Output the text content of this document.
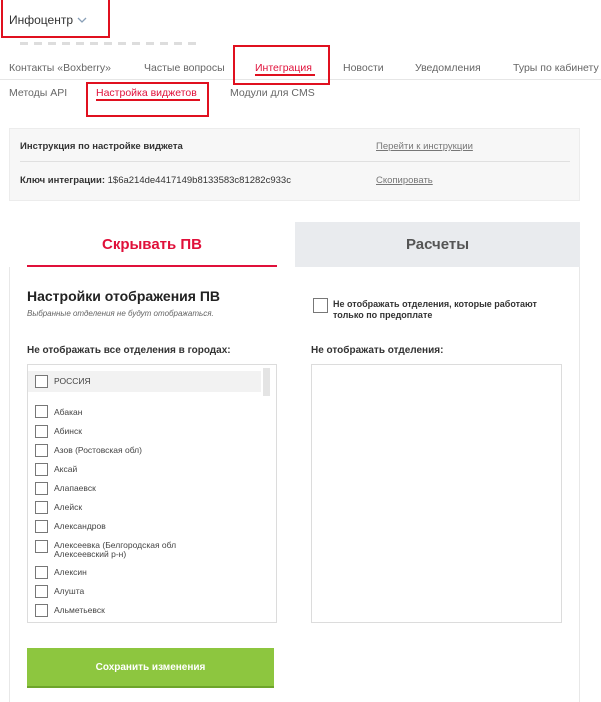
Инфоцентр
Контакты «Boxberry»	Частые вопросы	Интеграция	Новости	Уведомления	Туры по кабинету
Методы API	Настройка виджетов	Модули для CMS
Инструкция по настройке виджета	Перейти к инструкции
Ключ интеграции: 1$6a214de4417149b8133583c81282c933c	Скопировать
Скрывать ПВ	Расчеты
Настройки отображения ПВ
Выбранные отделения не будут отображаться.
Не отображать отделения, которые работают только по предоплате
Не отображать все отделения в городах:	Не отображать отделения:
РОССИЯ
Абакан
Абинск
Азов (Ростовская обл)
Аксай
Алапаевск
Алейск
Александров
Алексеевка (Белгородская обл Алексеевский р-н)
Алексин
Алушта
Альметьевск
Сохранить изменения
